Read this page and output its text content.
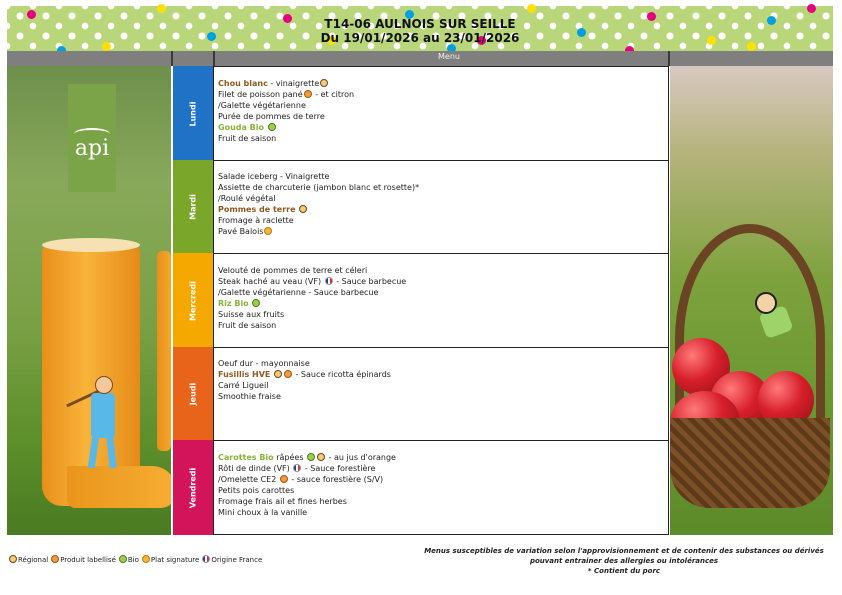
T14-06 AULNOIS SUR SEILLE
Du 19/01/2026 au 23/01/2026
Menu
api
Lundi
Chou blanc - vinaigrette
Filet de poisson pané - et citron
/Galette végétarienne
Purée de pommes de terre
Gouda Bio
Fruit de saison
Mardi
Salade iceberg - Vinaigrette
Assiette de charcuterie (jambon blanc et rosette)*
/Roulé végétal
Pommes de terre
Fromage à raclette
Pavé Balois
Mercredi
Velouté de pommes de terre et céleri
Steak haché au veau (VF)  - Sauce barbecue
/Galette végétarienne - Sauce barbecue
Riz Bio
Suisse aux fruits
Fruit de saison
Jeudi
Oeuf dur - mayonnaise
Fusillis HVE	- Sauce ricotta épinards
Carré Ligueil
Smoothie fraise
Vendredi
Carottes Bio râpées	- au jus d'orange
Rôti de dinde (VF)  - Sauce forestière
/Omelette CE2  - sauce forestière (S/V)
Petits pois carottes
Fromage frais ail et fines herbes
Mini choux à la vanille
Régional Produit labellisé Bio Plat signature Origine France
Menus susceptibles de variation selon l'approvisionnement et de contenir des substances ou dérivés
pouvant entrainer des allergies ou intolérances
* Contient du porc
